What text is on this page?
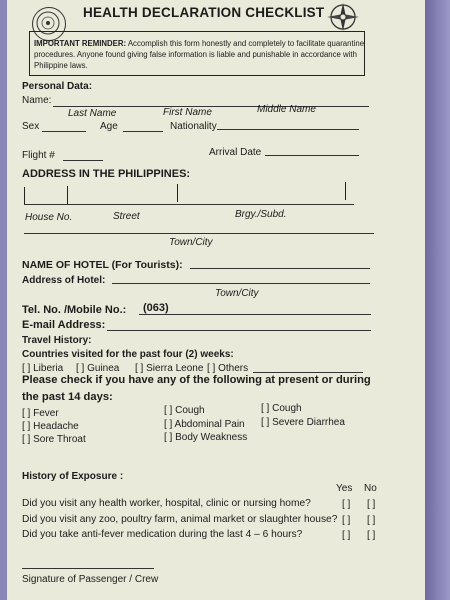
HEALTH DECLARATION CHECKLIST
IMPORTANT REMINDER: Accomplish this form honestly and completely to facilitate quarantine
procedures. Anyone found giving false information is liable and punishable in accordance with
Philippine laws.
Personal Data:
Name:
Last Name	First Name	Middle Name
Sex	Age	Nationality
Flight #	Arrival Date
ADDRESS IN THE PHILIPPINES:
House No.	Street	Brgy./Subd.
Town/City
NAME OF HOTEL (For Tourists):
Address of Hotel:
Town/City
Tel. No. /Mobile No.: (063)
E-mail Address:
Travel History:
Countries visited for the past four (2) weeks:
[ ] Liberia [ ] Guinea [ ] Sierra Leone [ ] Others
Please check if you have any of the following at present or during
the past 14 days:
[ ] Fever
[ ] Headache
[ ] Sore Throat
[ ] Cough
[ ] Abdominal Pain
[ ] Body Weakness
[ ] Cough
[ ] Severe Diarrhea
History of Exposure :
Yes No
Did you visit any health worker, hospital, clinic or nursing home?	[ ] [ ]
Did you visit any zoo, poultry farm, animal market or slaughter house? [ ] [ ]
Did you take anti-fever medication during the last 4 – 6 hours?	[ ] [ ]
Signature of Passenger / Crew
